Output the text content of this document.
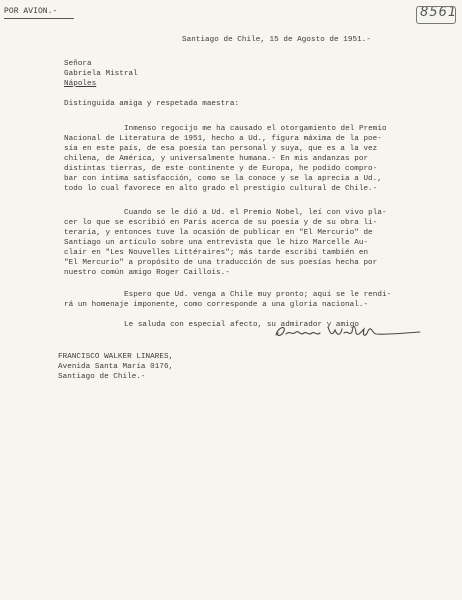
POR AVION.-	8561
Santiago de Chile, 15 de Agosto de 1951.-
Señora
Gabriela Mistral
Nápoles
Distinguida amiga y respetada maestra:
Inmenso regocijo me ha causado el otorgamiento del Premio
Nacional de Literatura de 1951, hecho a Ud., figura máxima de la poe-
sía en este país, de esa poesía tan personal y suya, que es a la vez
chilena, de América, y universalmente humana.- En mis andanzas por
distintas tierras, de este continente y de Europa, he podido compro-
bar con íntima satisfacción, como se la conoce y se la aprecia a Ud.,
todo lo cual favorece en alto grado el prestigio cultural de Chile.-
Cuando se le dió a Ud. el Premio Nobel, leí con vivo pla-
cer lo que se escribió en París acerca de su poesía y de su obra li-
teraria, y entonces tuve la ocasión de publicar en "El Mercurio" de
Santiago un artículo sobre una entrevista que le hizo Marcelle Au-
clair en "Les Nouvelles Littéraires"; más tarde escribí también en
"El Mercurio" a propósito de una traducción de sus poesías hecha por
nuestro común amigo Roger Caillois.-
Espero que Ud. venga a Chile muy pronto; aquí se le rendi-
rá un homenaje imponente, como corresponde a una gloria nacional.-
Le saluda con especial afecto, su admirador y amigo
FRANCISCO WALKER LINARES,
Avenida Santa María 0176,
Santiago de Chile.-
